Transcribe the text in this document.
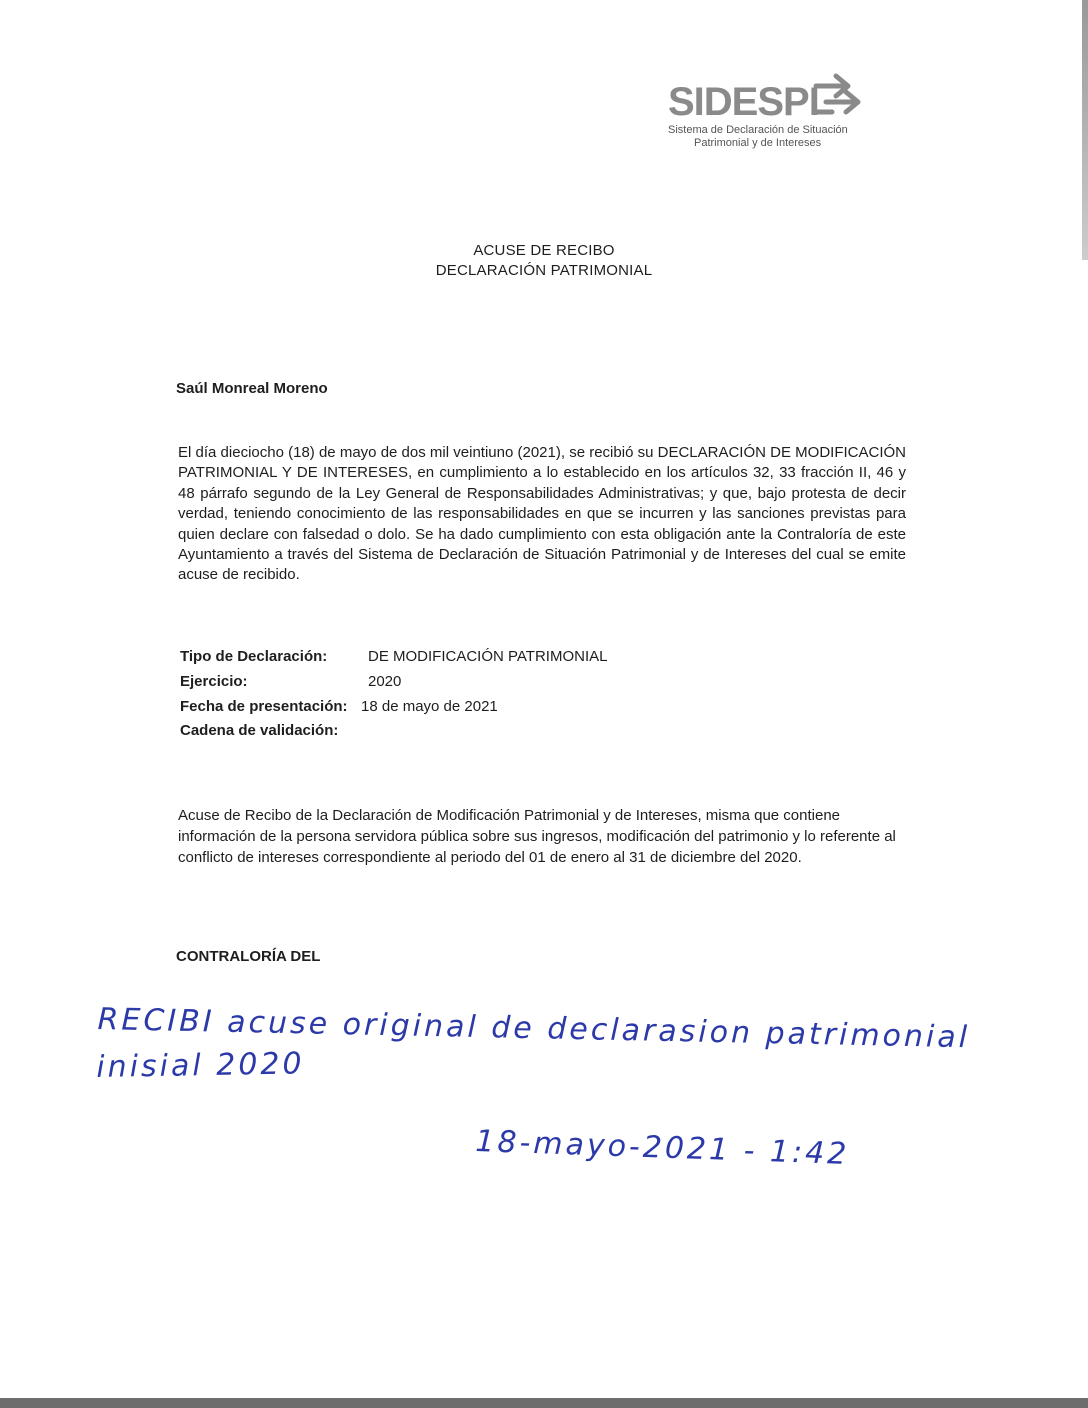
SIDESPI
Sistema de Declaración de Situación
Patrimonial y de Intereses
ACUSE DE RECIBO
DECLARACIÓN PATRIMONIAL
Saúl Monreal Moreno
El día dieciocho (18) de mayo de dos mil veintiuno (2021), se recibió su DECLARACIÓN DE MODIFICACIÓN PATRIMONIAL Y DE INTERESES, en cumplimiento a lo establecido en los artículos 32, 33 fracción II, 46 y 48 párrafo segundo de la Ley General de Responsabilidades Administrativas; y que, bajo protesta de decir verdad, teniendo conocimiento de las responsabilidades en que se incurren y las sanciones previstas para quien declare con falsedad o dolo. Se ha dado cumplimiento con esta obligación ante la Contraloría de este Ayuntamiento a través del Sistema de Declaración de Situación Patrimonial y de Intereses del cual se emite acuse de recibido.
Tipo de Declaración:	DE MODIFICACIÓN PATRIMONIAL
Ejercicio:	2020
Fecha de presentación: 18 de mayo de 2021
Cadena de validación:
Acuse de Recibo de la Declaración de Modificación Patrimonial y de Intereses, misma que contiene información de la persona servidora pública sobre sus ingresos, modificación del patrimonio y lo referente al conflicto de intereses correspondiente al periodo del 01 de enero al 31 de diciembre del 2020.
CONTRALORÍA DEL
RECIBI acuse original de declarasion patrimonial
inisial 2020
18-mayo-2021 - 1:42
